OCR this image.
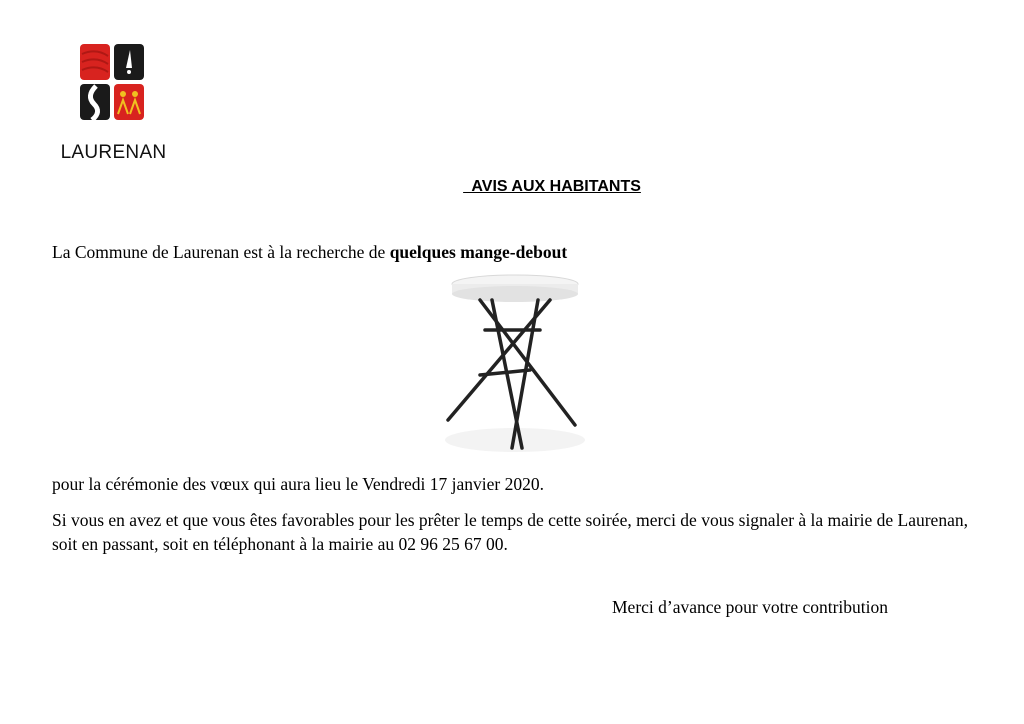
LAURENAN
AVIS AUX HABITANTS
La Commune de Laurenan est à la recherche de quelques mange-debout
pour la cérémonie des vœux qui aura lieu le Vendredi 17 janvier 2020.
Si vous en avez et que vous êtes favorables pour les prêter le temps de cette soirée, merci de vous signaler à la mairie de Laurenan, soit en passant, soit en téléphonant à la mairie au 02 96 25 67 00.
Merci d’avance pour votre contribution
